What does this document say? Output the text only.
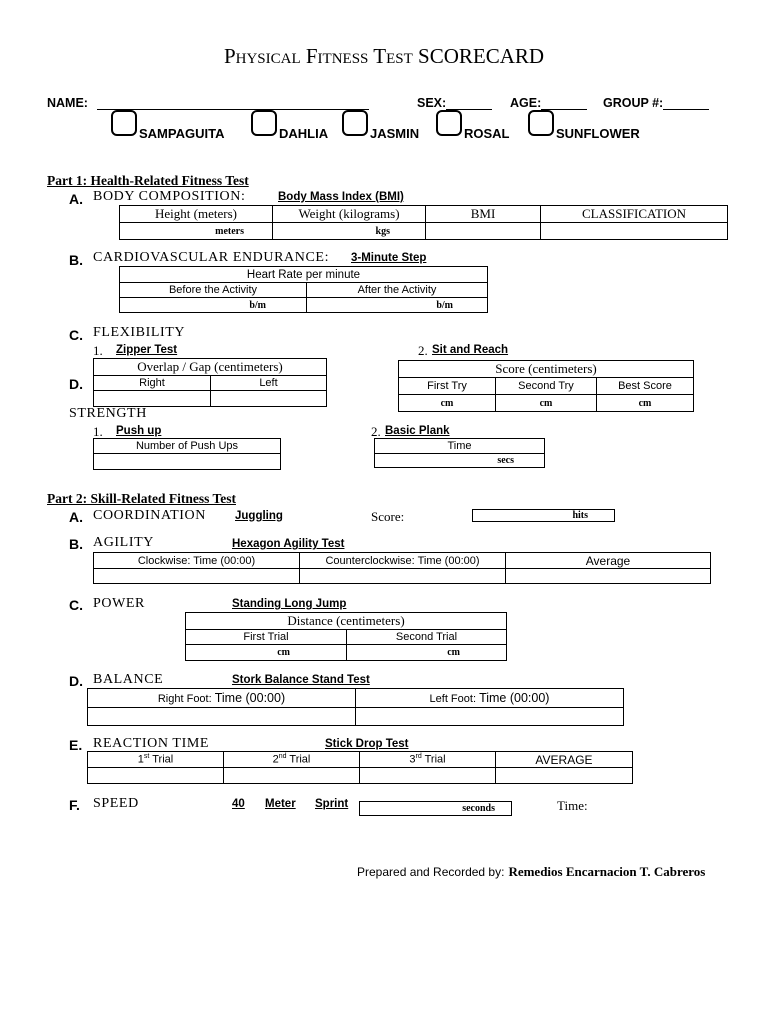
Physical Fitness Test SCORECARD
NAME:	SEX:	AGE:	GROUP #:
SAMPAGUITA	DAHLIA	JASMIN	ROSAL	SUNFLOWER
Part 1: Health-Related Fitness Test
A. BODY COMPOSITION:	Body Mass Index (BMI)
Height (meters)	Weight (kilograms)	BMI	CLASSIFICATION
meters	kgs		
B. CARDIOVASCULAR ENDURANCE: 3-Minute Step
Heart Rate per minute	
Before the Activity	After the Activity
b/m	b/m
C. FLEXIBILITY
1. Zipper Test
Overlap / Gap (centimeters)	
Right	Left

2. Sit and Reach
Score (centimeters)		
First Try	Second Try	Best Score
cm	cm	cm
D.
STRENGTH
1. Push up
Number of Push Ups

2. Basic Plank
Time
secs
Part 2: Skill-Related Fitness Test
A. COORDINATION	Juggling	Score:	hits
B. AGILITY	Hexagon Agility Test
Clockwise: Time (00:00)	Counterclockwise: Time (00:00)	Average

C. POWER	Standing Long Jump
Distance (centimeters)	
First Trial	Second Trial
cm	cm
D. BALANCE	Stork Balance Stand Test
Right Foot: Time (00:00)	Left Foot: Time (00:00)

E. REACTION TIME	Stick Drop Test
1st Trial	2nd Trial	3rd Trial	AVERAGE

F. SPEED	40 Meter Sprint	seconds	Time:
Prepared and Recorded by: Remedios Encarnacion T. Cabreros
